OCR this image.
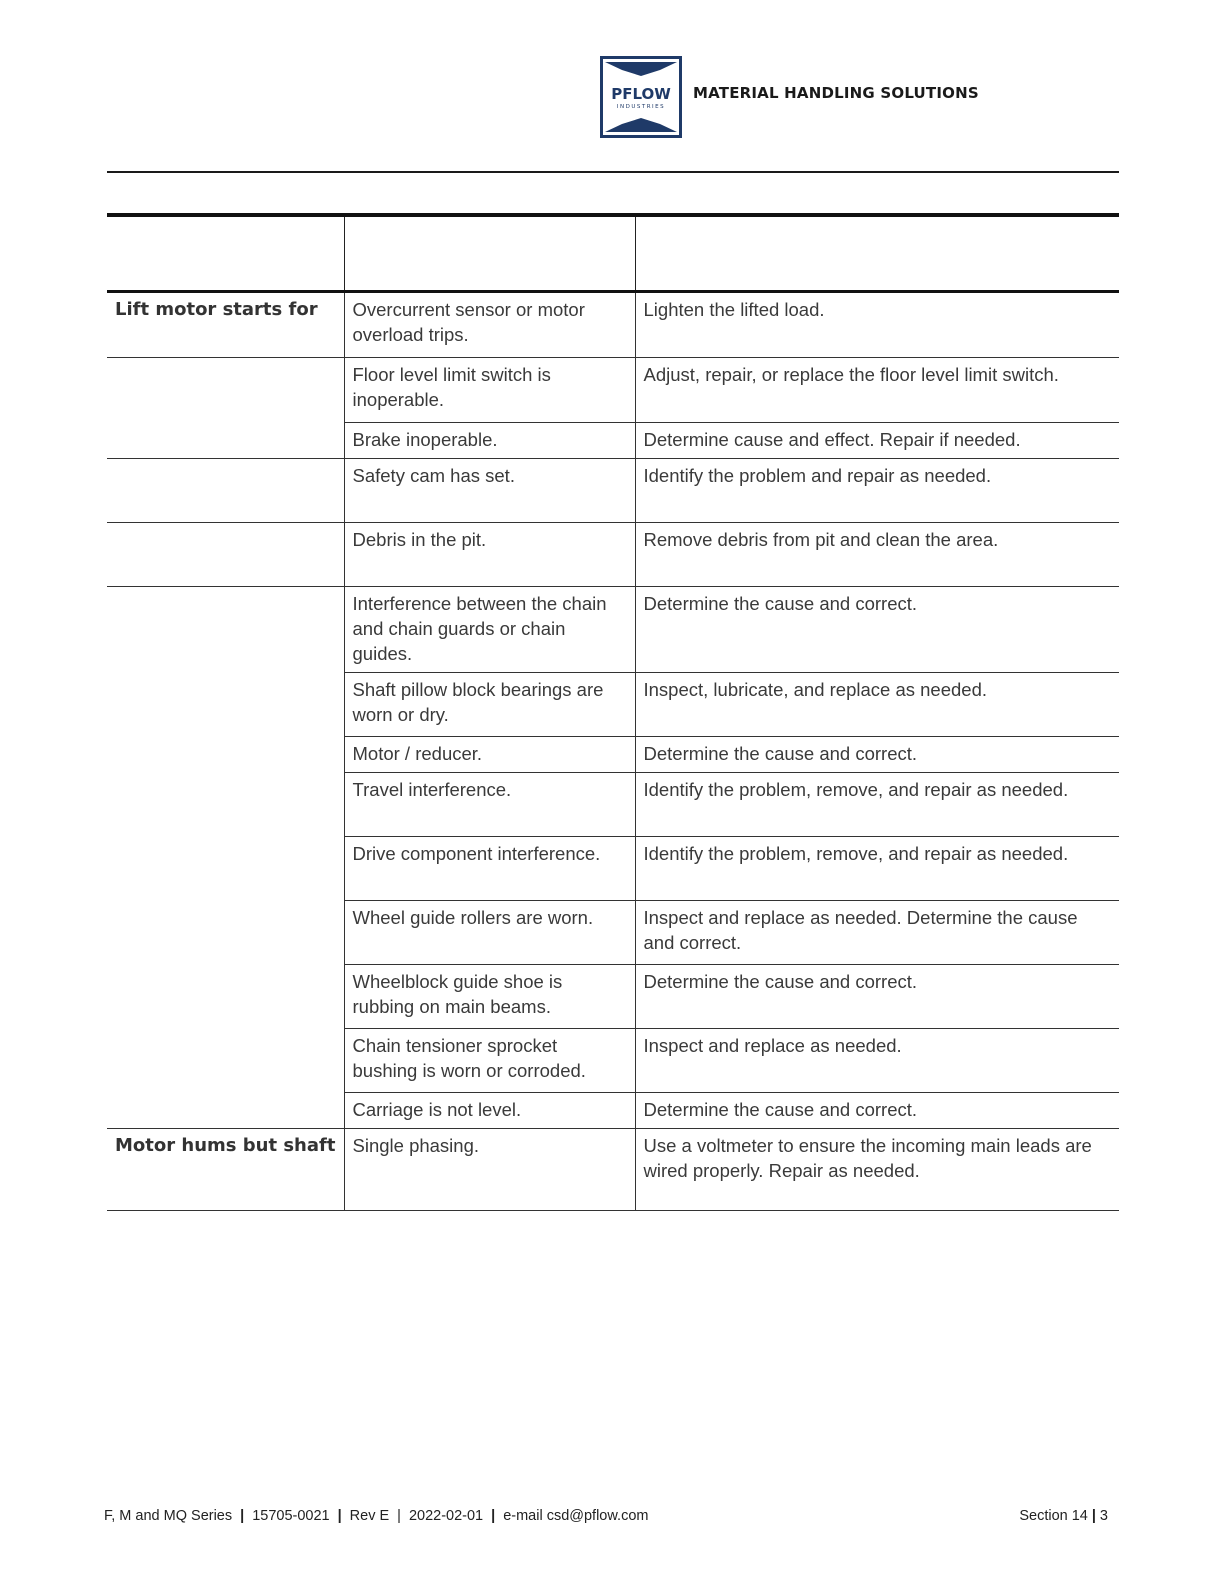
PFLOW
INDUSTRIES
MATERIAL HANDLING SOLUTIONS
Lift motor starts for	Overcurrent sensor or motor overload trips.	Lighten the lifted load.
	Floor level limit switch is inoperable.	Adjust, repair, or replace the floor level limit switch.
	Brake inoperable.	Determine cause and effect. Repair if needed.
	Safety cam has set.	Identify the problem and repair as needed.
	Debris in the pit.	Remove debris from pit and clean the area.
	Interference between the chain and chain guards or chain guides.	Determine the cause and correct.
	Shaft pillow block bearings are worn or dry.	Inspect, lubricate, and replace as needed.
	Motor / reducer.	Determine the cause and correct.
	Travel interference.	Identify the problem, remove, and repair as needed.
	Drive component interference.	Identify the problem, remove, and repair as needed.
	Wheel guide rollers are worn.	Inspect and replace as needed. Determine the cause and correct.
	Wheelblock guide shoe is rubbing on main beams.	Determine the cause and correct.
	Chain tensioner sprocket bushing is worn or corroded.	Inspect and replace as needed.
	Carriage is not level.	Determine the cause and correct.
Motor hums but shaft	Single phasing.	Use a voltmeter to ensure the incoming main leads are wired properly. Repair as needed.
F, M and MQ Series | 15705-0021 | Rev E | 2022-02-01 | e-mail csd@pflow.com	Section 14 | 3
